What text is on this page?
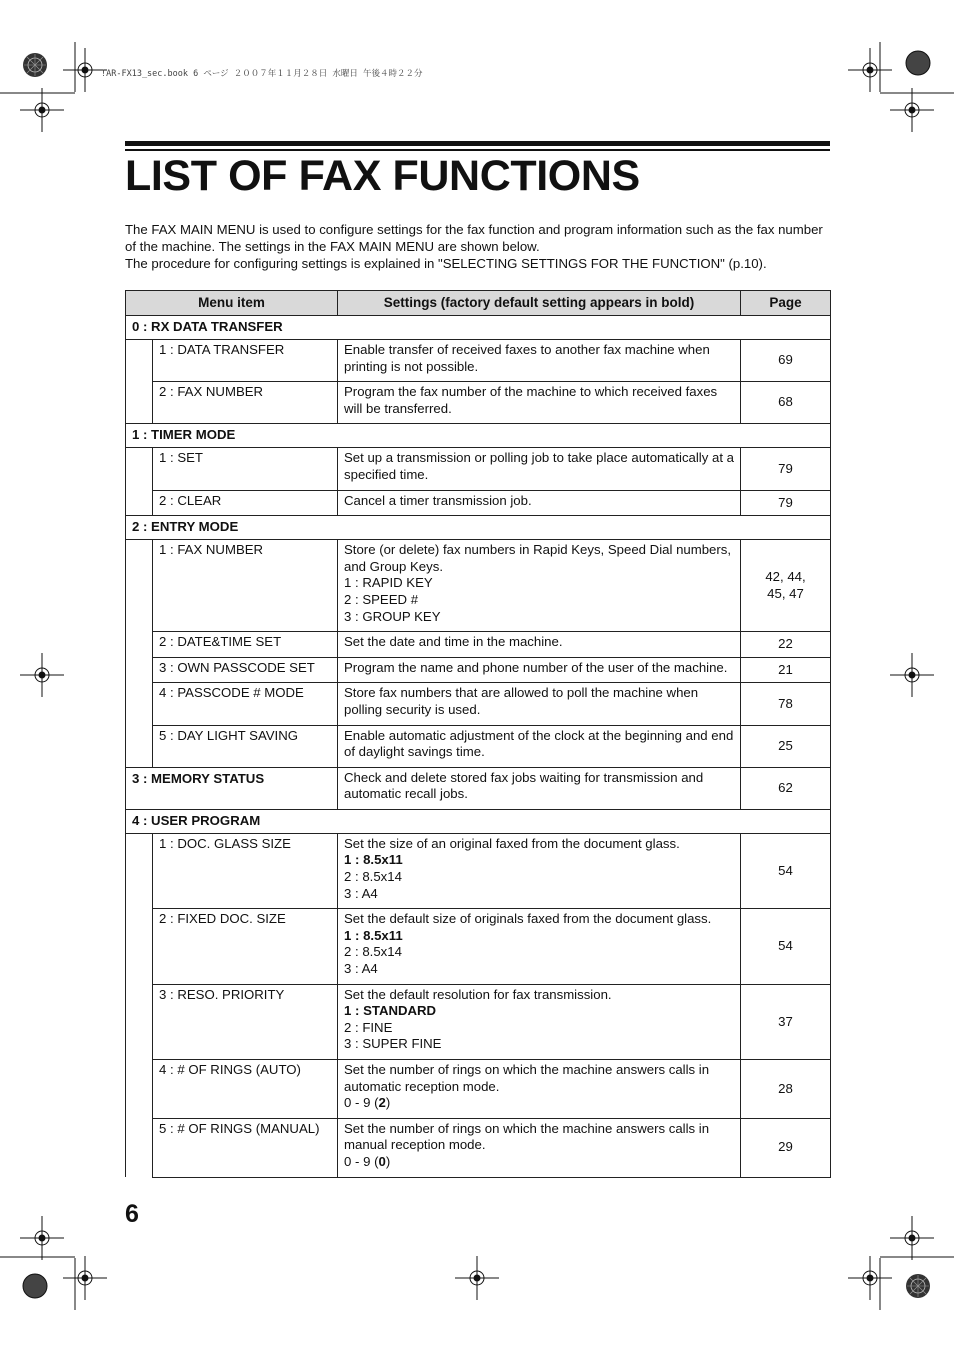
!AR-FX13_sec.book 6 ページ ２００７年１１月２８日 水曜日 午後４時２２分
LIST OF FAX FUNCTIONS

The FAX MAIN MENU is used to configure settings for the fax function and program information such as the fax number of the machine. The settings in the FAX MAIN MENU are shown below.

The procedure for configuring settings is explained in "SELECTING SETTINGS FOR THE FUNCTION" (p.10).

Menu item		Settings (factory default setting appears in bold)	Page
0 : RX DATA TRANSFER			
	1 : DATA TRANSFER	Enable transfer of received faxes to another fax machine when printing is not possible.	69
	2 : FAX NUMBER	Program the fax number of the machine to which received faxes will be transferred.	68
1 : TIMER MODE			
	1 : SET	Set up a transmission or polling job to take place automatically at a specified time.	79
	2 : CLEAR	Cancel a timer transmission job.	79
2 : ENTRY MODE			
	1 : FAX NUMBER	Store (or delete) fax numbers in Rapid Keys, Speed Dial numbers, and Group Keys.
1 : RAPID KEY
2 : SPEED #
3 : GROUP KEY	42, 44,
45, 47

	2 : DATE&TIME SET	Set the date and time in the machine.	22
	3 : OWN PASSCODE SET	Program the name and phone number of the user of the machine.	21
	4 : PASSCODE # MODE	Store fax numbers that are allowed to poll the machine when polling security is used.	78
	5 : DAY LIGHT SAVING	Enable automatic adjustment of the clock at the beginning and end of daylight savings time.	25
3 : MEMORY STATUS		Check and delete stored fax jobs waiting for transmission and automatic recall jobs.	62
4 : USER PROGRAM			
	1 : DOC. GLASS SIZE	Set the size of an original faxed from the document glass.
1 : 8.5x11
2 : 8.5x14
3 : A4	54
	2 : FIXED DOC. SIZE	Set the default size of originals faxed from the document glass.
1 : 8.5x11
2 : 8.5x14
3 : A4	54
	3 : RESO. PRIORITY	Set the default resolution for fax transmission.
1 : STANDARD
2 : FINE
3 : SUPER FINE	37
	4 : # OF RINGS (AUTO)	Set the number of rings on which the machine answers calls in automatic reception mode.
0 - 9 (2)	28
	5 : # OF RINGS (MANUAL)	Set the number of rings on which the machine answers calls in manual reception mode.
0 - 9 (0)	29
6
